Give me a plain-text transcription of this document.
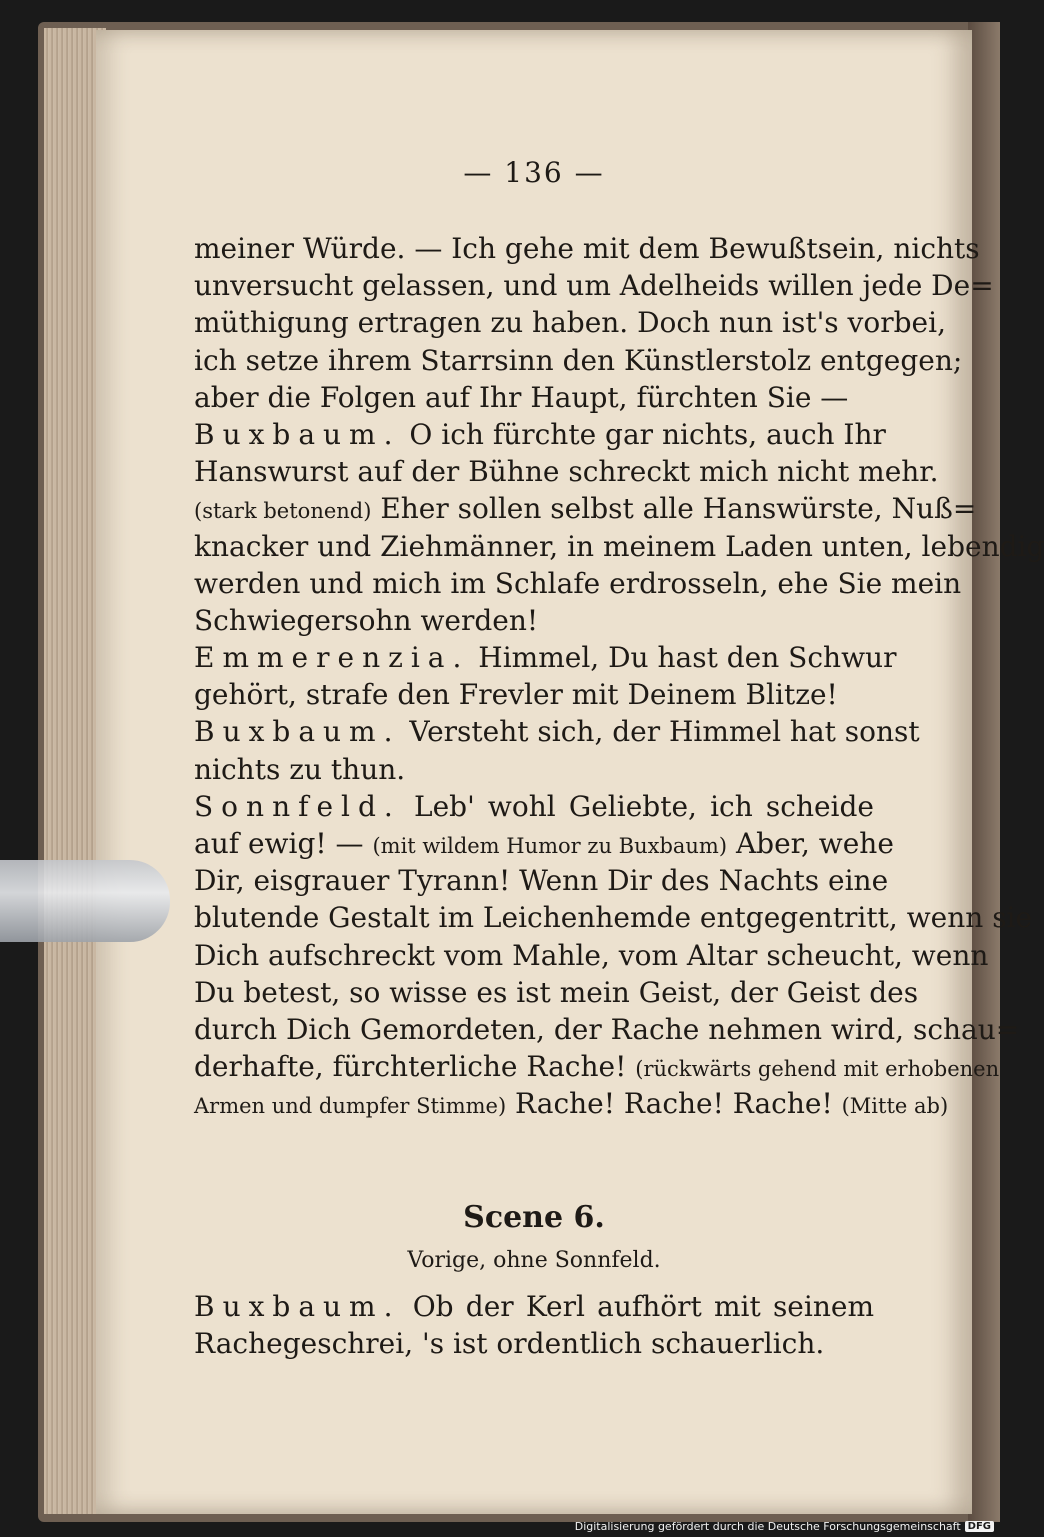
— 136 —
meiner Würde. — Ich gehe mit dem Bewußtsein, nichts
unversucht gelassen, und um Adelheids willen jede De=
müthigung ertragen zu haben. Doch nun ist's vorbei,
ich setze ihrem Starrsinn den Künstlerstolz entgegen;
aber die Folgen auf Ihr Haupt, fürchten Sie —
Buxbaum. O ich fürchte gar nichts, auch Ihr
Hanswurst auf der Bühne schreckt mich nicht mehr.
(stark betonend) Eher sollen selbst alle Hanswürste, Nuß=
knacker und Ziehmänner, in meinem Laden unten, lebendig
werden und mich im Schlafe erdrosseln, ehe Sie mein
Schwiegersohn werden!
Emmerenzia. Himmel, Du hast den Schwur
gehört, strafe den Frevler mit Deinem Blitze!
Buxbaum. Versteht sich, der Himmel hat sonst
nichts zu thun.
Sonnfeld. Leb' wohl Geliebte, ich scheide
auf ewig! — (mit wildem Humor zu Buxbaum) Aber, wehe
Dir, eisgrauer Tyrann! Wenn Dir des Nachts eine
blutende Gestalt im Leichenhemde entgegentritt, wenn sie
Dich aufschreckt vom Mahle, vom Altar scheucht, wenn
Du betest, so wisse es ist mein Geist, der Geist des
durch Dich Gemordeten, der Rache nehmen wird, schau=
derhafte, fürchterliche Rache! (rückwärts gehend mit erhobenen
Armen und dumpfer Stimme) Rache! Rache! Rache! (Mitte ab)
Scene 6.
Vorige, ohne Sonnfeld.
Buxbaum. Ob der Kerl aufhört mit seinem
Rachegeschrei, 's ist ordentlich schauerlich.
Digitalisierung gefördert durch die Deutsche Forschungsgemeinschaft DFG
